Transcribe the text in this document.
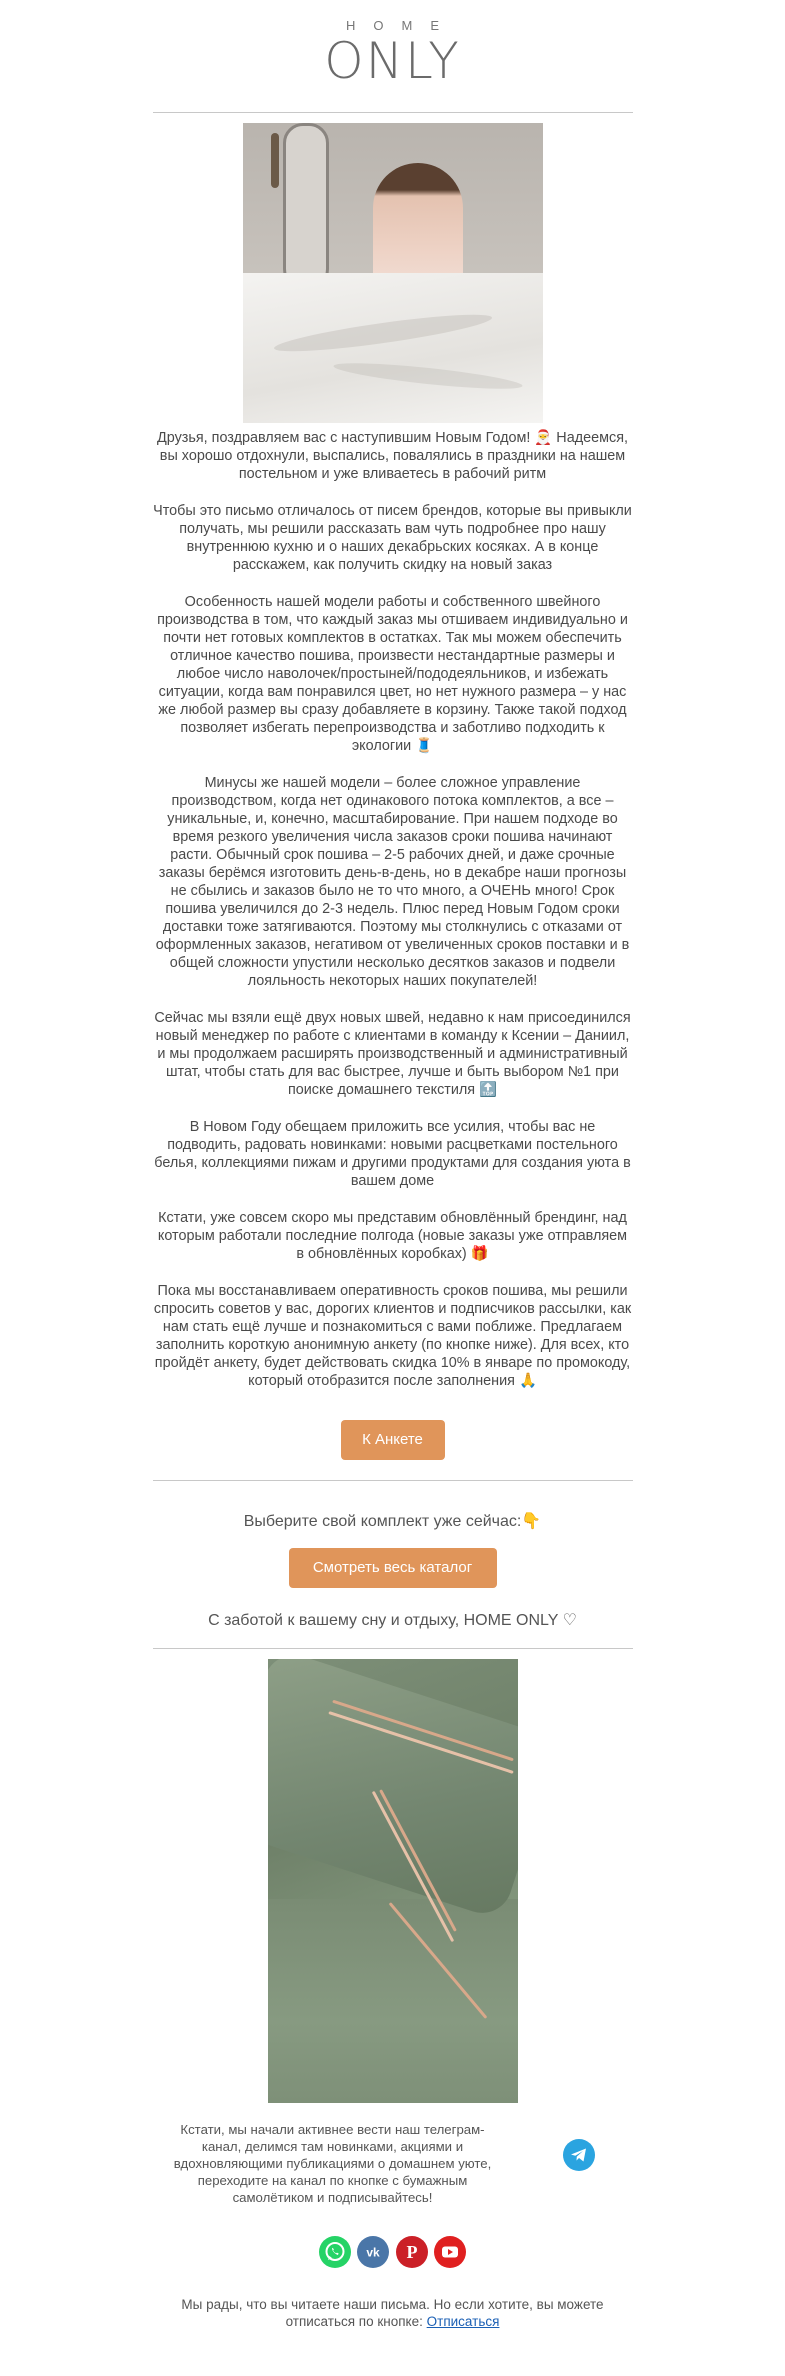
HOME
ONLY

Друзья, поздравляем вас с наступившим Новым Годом! 🎅 Надеемся, вы хорошо отдохнули, выспались, повалялись в праздники на нашем постельном и уже вливаетесь в рабочий ритм

Чтобы это письмо отличалось от писем брендов, которые вы привыкли получать, мы решили рассказать вам чуть подробнее про нашу внутреннюю кухню и о наших декабрьских косяках. А в конце расскажем, как получить скидку на новый заказ

Особенность нашей модели работы и собственного швейного производства в том, что каждый заказ мы отшиваем индивидуально и почти нет готовых комплектов в остатках. Так мы можем обеспечить отличное качество пошива, произвести нестандартные размеры и любое число наволочек/простыней/пододеяльников, и избежать ситуации, когда вам понравился цвет, но нет нужного размера – у нас же любой размер вы сразу добавляете в корзину. Также такой подход позволяет избегать перепроизводства и заботливо подходить к экологии 🧵

Минусы же нашей модели – более сложное управление производством, когда нет одинакового потока комплектов, а все – уникальные, и, конечно, масштабирование. При нашем подходе во время резкого увеличения числа заказов сроки пошива начинают расти. Обычный срок пошива – 2-5 рабочих дней, и даже срочные заказы берёмся изготовить день-в-день, но в декабре наши прогнозы не сбылись и заказов было не то что много, а ОЧЕНЬ много! Срок пошива увеличился до 2-3 недель. Плюс перед Новым Годом сроки доставки тоже затягиваются. Поэтому мы столкнулись с отказами от оформленных заказов, негативом от увеличенных сроков поставки и в общей сложности упустили несколько десятков заказов и подвели лояльность некоторых наших покупателей!

Сейчас мы взяли ещё двух новых швей, недавно к нам присоединился новый менеджер по работе с клиентами в команду к Ксении – Даниил, и мы продолжаем расширять производственный и административный штат, чтобы стать для вас быстрее, лучше и быть выбором №1 при поиске домашнего текстиля 🔝

В Новом Году обещаем приложить все усилия, чтобы вас не подводить, радовать новинками: новыми расцветками постельного белья, коллекциями пижам и другими продуктами для создания уюта в вашем доме

Кстати, уже совсем скоро мы представим обновлённый брендинг, над которым работали последние полгода (новые заказы уже отправляем в обновлённых коробках) 🎁

Пока мы восстанавливаем оперативность сроков пошива, мы решили спросить советов у вас, дорогих клиентов и подписчиков рассылки, как нам стать ещё лучше и познакомиться с вами поближе. Предлагаем заполнить короткую анонимную анкету (по кнопке ниже). Для всех, кто пройдёт анкету, будет действовать скидка 10% в январе по промокоду, который отобразится после заполнения 🙏

К Анкете
Выберите свой комплект уже сейчас:👇
Смотреть весь каталог
С заботой к вашему сну и отдыху, HOME ONLY ♡
Кстати, мы начали активнее вести наш телеграм-канал, делимся там новинками, акциями и вдохновляющими публикациями о домашнем уюте, переходите на канал по кнопке с бумажным самолётиком и подписывайтесь!

vk
P

Мы рады, что вы читаете наши письма. Но если хотите, вы можете отписаться по кнопке: Отписаться
